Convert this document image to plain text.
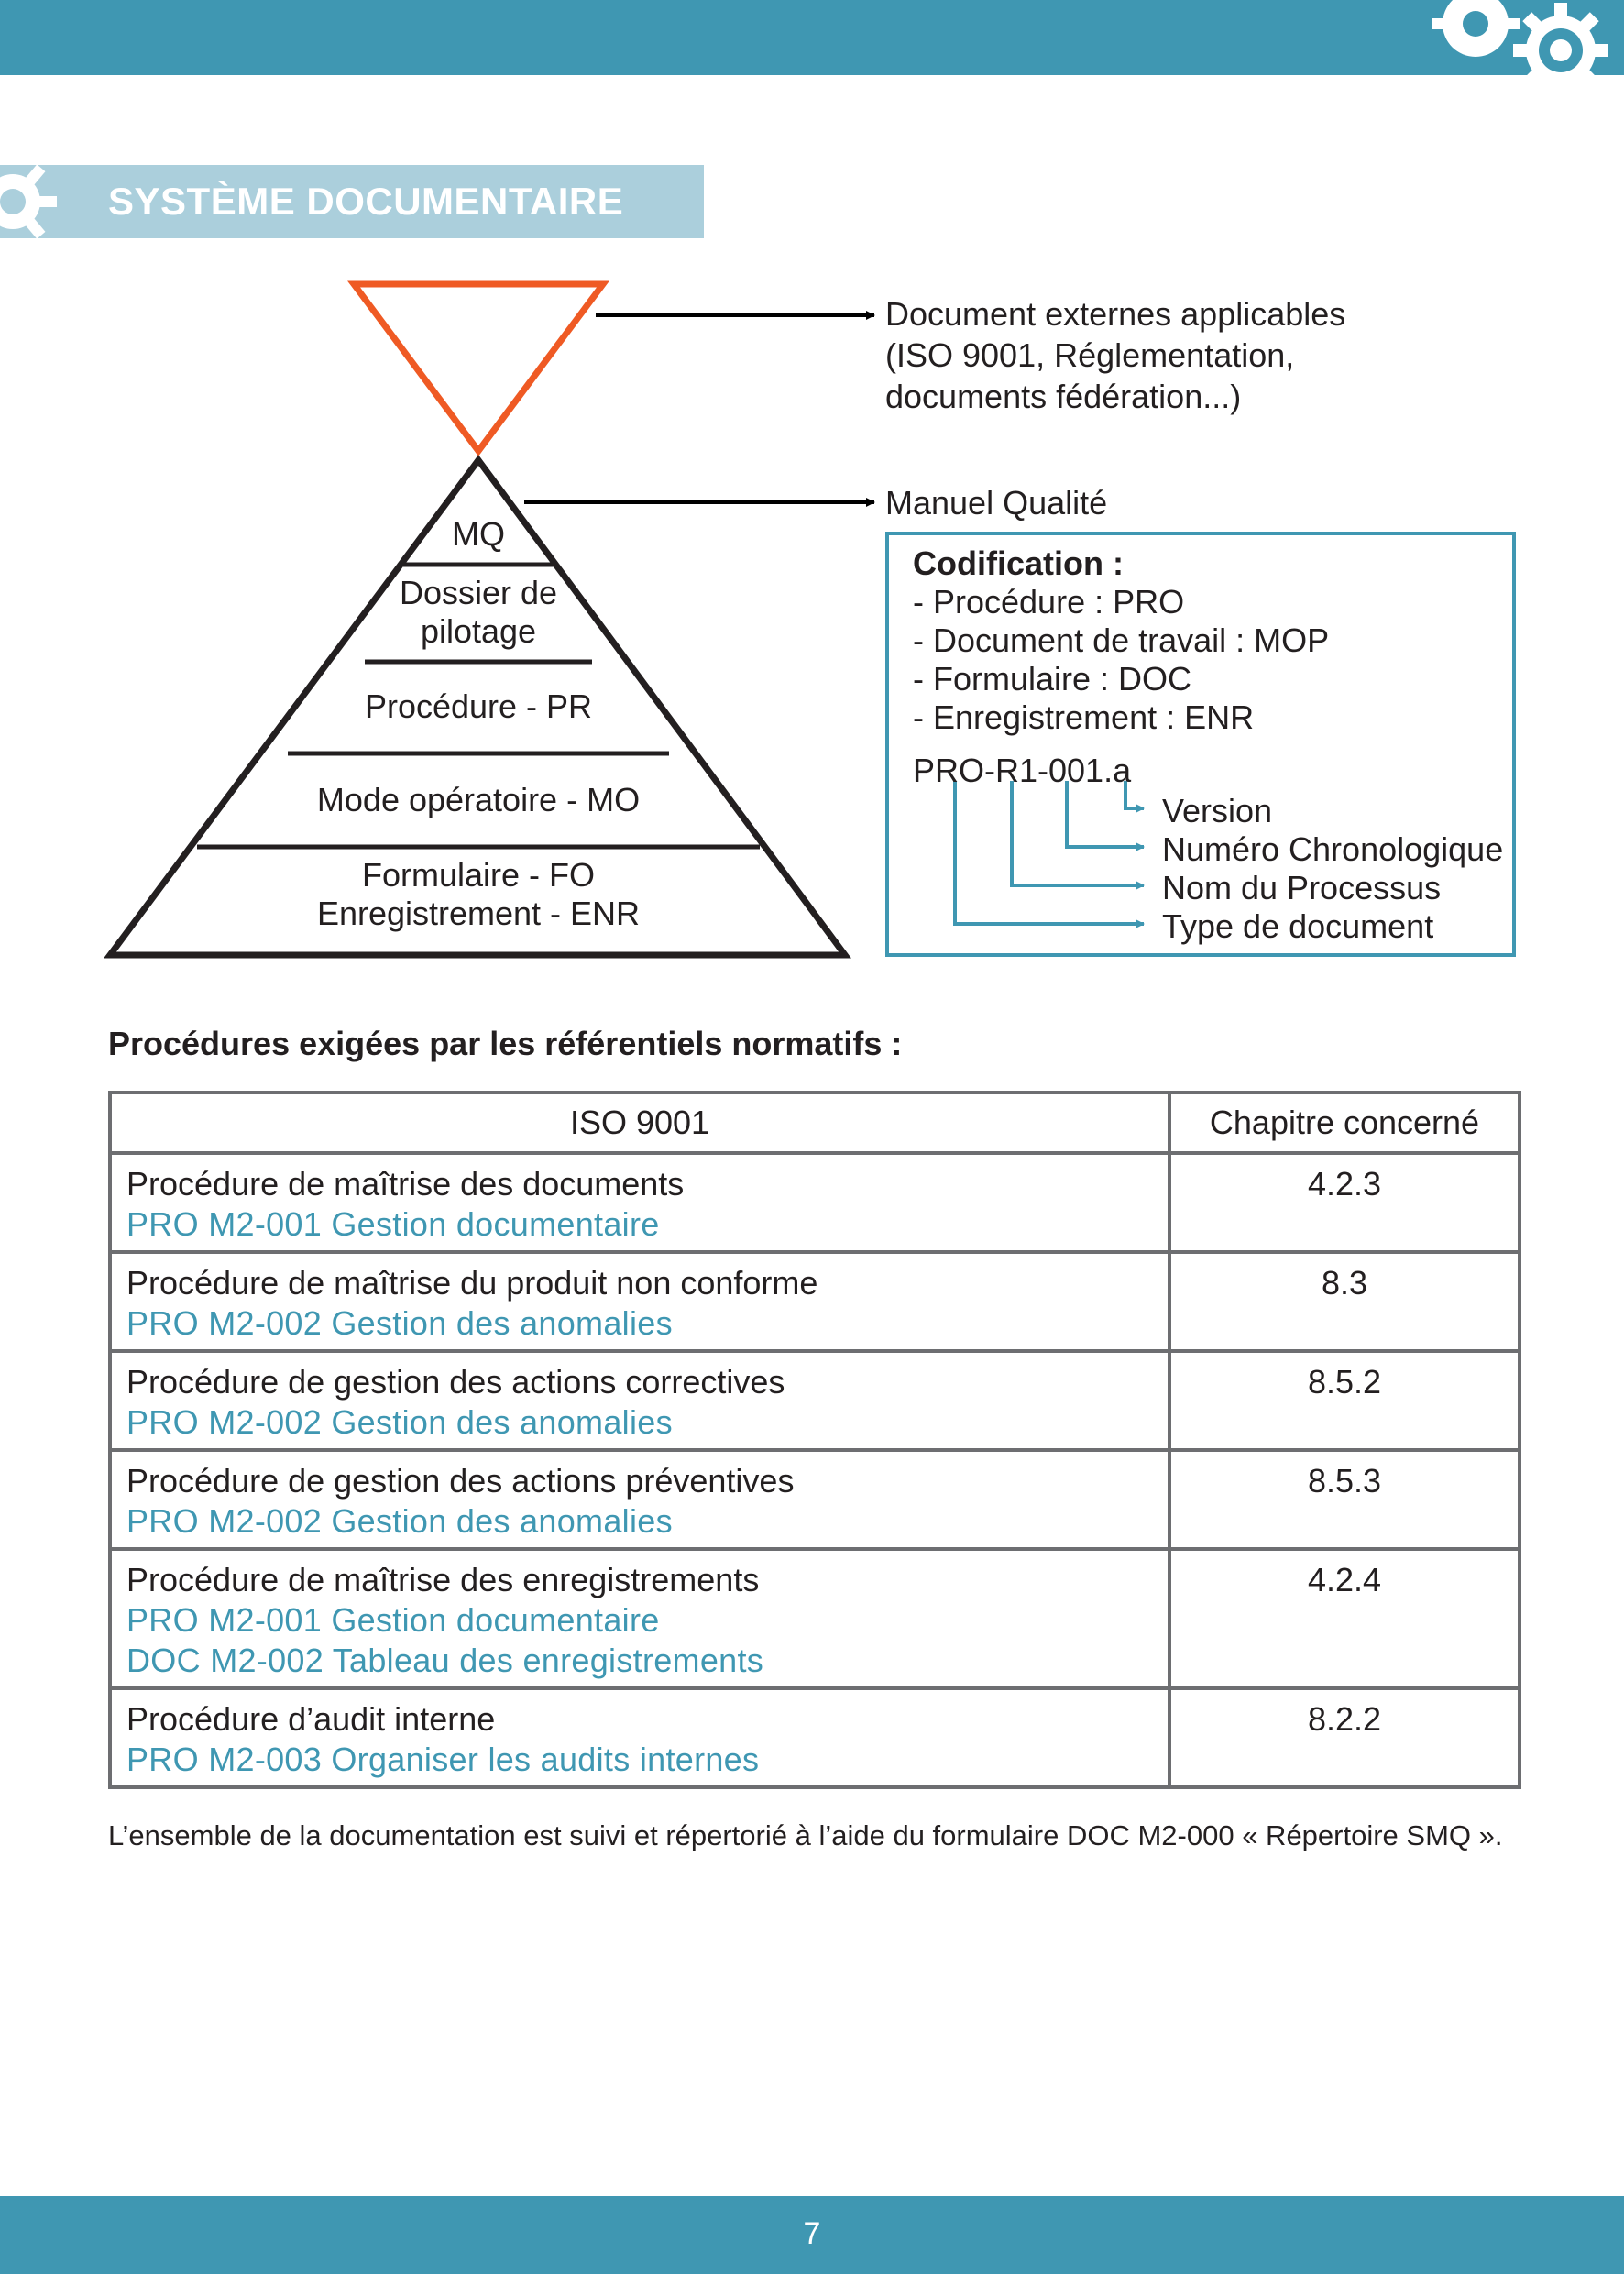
SYSTÈME DOCUMENTAIRE
Document externes applicables
(ISO 9001, Réglementation,
documents fédération...)
Manuel Qualité
MQ
Dossier de
pilotage
Procédure - PR
Mode opératoire - MO
Formulaire - FO
Enregistrement - ENR
Codification :
- Procédure : PRO
- Document de travail : MOP
- Formulaire : DOC
- Enregistrement : ENR
PRO-R1-001.a
Version
Numéro Chronologique
Nom du Processus
Type de document
Procédures exigées par les référentiels normatifs :
ISO 9001	Chapitre concerné

Procédure de maîtrise des documents
PRO M2-001 Gestion documentaire	4.2.3

Procédure de maîtrise du produit non conforme
PRO M2-002 Gestion des anomalies	8.3

Procédure de gestion des actions correctives
PRO M2-002 Gestion des anomalies	8.5.2

Procédure de gestion des actions préventives
PRO M2-002 Gestion des anomalies	8.5.3

Procédure de maîtrise des enregistrements
PRO M2-001 Gestion documentaire
DOC M2-002 Tableau des enregistrements	4.2.4

Procédure d’audit interne
PRO M2-003 Organiser les audits internes	8.2.2
L’ensemble de la documentation est suivi et répertorié à l’aide du formulaire DOC M2-000 « Répertoire SMQ ».
7
